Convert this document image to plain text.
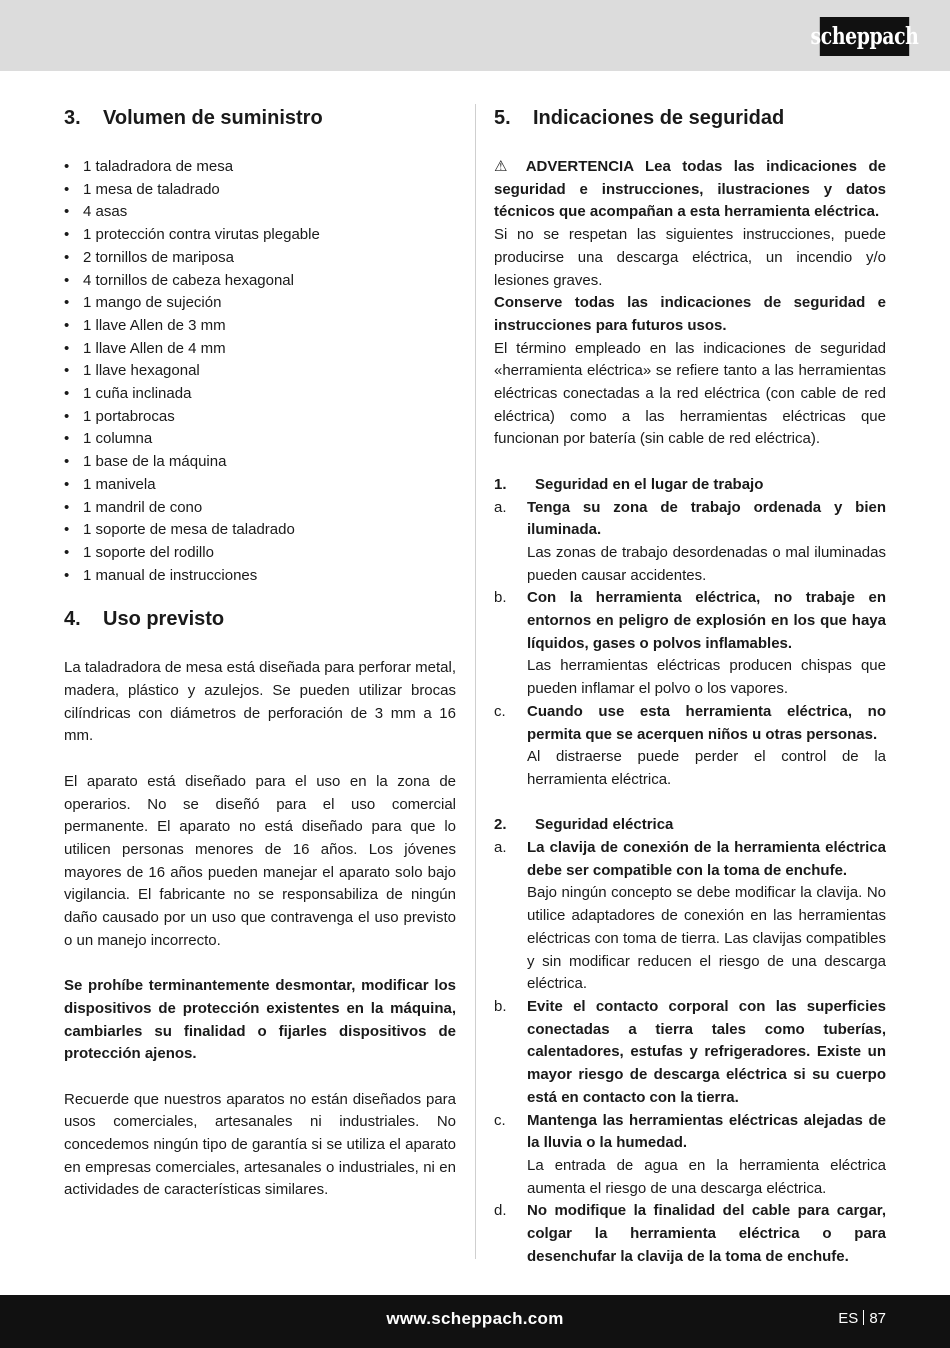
scheppach
3.	Volumen de suministro
• 1 taladradora de mesa
• 1 mesa de taladrado
• 4 asas
• 1 protección contra virutas plegable
• 2 tornillos de mariposa
• 4 tornillos de cabeza hexagonal
• 1 mango de sujeción
• 1 llave Allen de 3 mm
• 1 llave Allen de 4 mm
• 1 llave hexagonal
• 1 cuña inclinada
• 1 portabrocas
• 1 columna
• 1 base de la máquina
• 1 manivela
• 1 mandril de cono
• 1 soporte de mesa de taladrado
• 1 soporte del rodillo
• 1 manual de instrucciones
4.	Uso previsto

La taladradora de mesa está diseñada para perforar metal, madera, plástico y azulejos. Se pueden utilizar brocas cilíndricas con diámetros de perforación de 3 mm a 16 mm.

El aparato está diseñado para el uso en la zona de operarios. No se diseñó para el uso comercial permanente. El aparato no está diseñado para que lo utilicen personas menores de 16 años. Los jóvenes mayores de 16 años pueden manejar el aparato solo bajo vigilancia. El fabricante no se responsabiliza de ningún daño causado por un uso que contravenga el uso previsto o un manejo incorrecto.

Se prohíbe terminantemente desmontar, modificar los dispositivos de protección existentes en la máquina, cambiarles su finalidad o fijarles dispositivos de protección ajenos.

Recuerde que nuestros aparatos no están diseñados para usos comerciales, artesanales ni industriales. No concedemos ningún tipo de garantía si se utiliza el aparato en empresas comerciales, artesanales o industriales, ni en actividades de características similares.

5.	Indicaciones de seguridad

⚠ ADVERTENCIA Lea todas las indicaciones de seguridad e instrucciones, ilustraciones y datos técnicos que acompañan a esta herramienta eléctrica.

Si no se respetan las siguientes instrucciones, puede producirse una descarga eléctrica, un incendio y/o lesiones graves.

Conserve todas las indicaciones de seguridad e instrucciones para futuros usos.

El término empleado en las indicaciones de seguridad «herramienta eléctrica» se refiere tanto a las herramientas eléctricas conectadas a la red eléctrica (con cable de red eléctrica) como a las herramientas eléctricas que funcionan por batería (sin cable de red eléctrica).

1.	Seguridad en el lugar de trabajo
a.	Tenga su zona de trabajo ordenada y bien iluminada.
Las zonas de trabajo desordenadas o mal iluminadas pueden causar accidentes.
b.	Con la herramienta eléctrica, no trabaje en entornos en peligro de explosión en los que haya líquidos, gases o polvos inflamables.
Las herramientas eléctricas producen chispas que pueden inflamar el polvo o los vapores.
c.	Cuando use esta herramienta eléctrica, no permita que se acerquen niños u otras personas.
Al distraerse puede perder el control de la herramienta eléctrica.
2.	Seguridad eléctrica
a.	La clavija de conexión de la herramienta eléctrica debe ser compatible con la toma de enchufe.
Bajo ningún concepto se debe modificar la clavija. No utilice adaptadores de conexión en las herramientas eléctricas con toma de tierra. Las clavijas compatibles y sin modificar reducen el riesgo de una descarga eléctrica.
b.	Evite el contacto corporal con las superficies conectadas a tierra tales como tuberías, calentadores, estufas y refrigeradores. Existe un mayor riesgo de descarga eléctrica si su cuerpo está en contacto con la tierra.
c.	Mantenga las herramientas eléctricas alejadas de la lluvia o la humedad.
La entrada de agua en la herramienta eléctrica aumenta el riesgo de una descarga eléctrica.
d.	No modifique la finalidad del cable para cargar, colgar la herramienta eléctrica o para desenchufar la clavija de la toma de enchufe.
www.scheppach.com	ES 87
